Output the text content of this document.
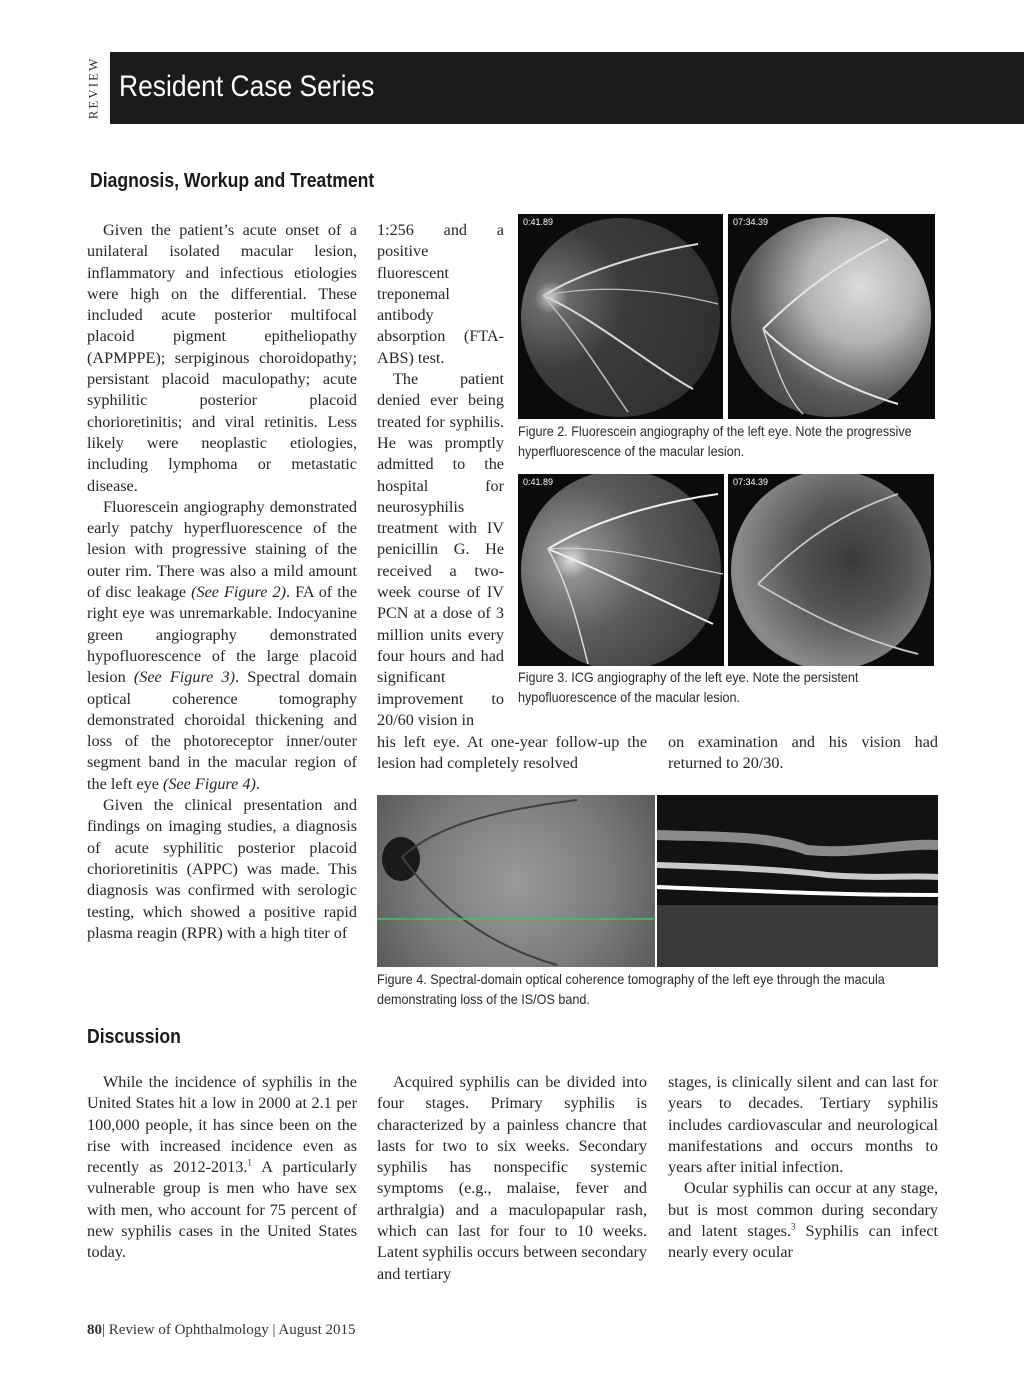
REVIEW Resident Case Series
Diagnosis, Workup and Treatment

Given the patient’s acute onset of a unilateral isolated macular lesion, inflammatory and infectious etiologies were high on the differential. These included acute posterior multifocal placoid pigment epitheliopathy (APMPPE); serpiginous choroidopathy; persistant placoid maculopathy; acute syphilitic posterior placoid chorioretinitis; and viral retinitis. Less likely were neoplastic etiologies, including lymphoma or metastatic disease.

Fluorescein angiography demonstrated early patchy hyperfluorescence of the lesion with progressive staining of the outer rim. There was also a mild amount of disc leakage (See Figure 2). FA of the right eye was unremarkable. Indocyanine green angiography demonstrated hypofluorescence of the large placoid lesion (See Figure 3). Spectral domain optical coherence tomography demonstrated choroidal thickening and loss of the photoreceptor inner/outer segment band in the macular region of the left eye (See Figure 4).

Given the clinical presentation and findings on imaging studies, a diagnosis of acute syphilitic posterior placoid chorioretinitis (APPC) was made. This diagnosis was confirmed with serologic testing, which showed a positive rapid plasma reagin (RPR) with a high titer of

1:256 and a positive fluorescent treponemal antibody absorption (FTA-ABS) test.

The patient denied ever being treated for syphilis. He was promptly admitted to the hospital for neurosyphilis treatment with IV penicillin G. He received a two-week course of IV PCN at a dose of 3 million units every four hours and had significant improvement to 20/60 vision in

his left eye. At one-year follow-up the lesion had completely resolved

on examination and his vision had returned to 20/30.

0:41.89	07:34.39
Figure 2. Fluorescein angiography of the left eye. Note the progressive hyperfluorescence of the macular lesion.
0:41.89	07:34.39
Figure 3. ICG angiography of the left eye. Note the persistent hypofluorescence of the macular lesion.
Figure 4. Spectral-domain optical coherence tomography of the left eye through the macula demonstrating loss of the IS/OS band.
Discussion

While the incidence of syphilis in the United States hit a low in 2000 at 2.1 per 100,000 people, it has since been on the rise with increased incidence even as recently as 2012-2013.$^1$ A particularly vulnerable group is men who have sex with men, who account for 75 percent of new syphilis cases in the United States today.

Acquired syphilis can be divided into four stages. Primary syphilis is characterized by a painless chancre that lasts for two to six weeks. Secondary syphilis has nonspecific systemic symptoms (e.g., malaise, fever and arthralgia) and a maculopapular rash, which can last for four to 10 weeks. Latent syphilis occurs between secondary and tertiary

stages, is clinically silent and can last for years to decades. Tertiary syphilis includes cardiovascular and neurological manifestations and occurs months to years after initial infection.

Ocular syphilis can occur at any stage, but is most common during secondary and latent stages.$^3$ Syphilis can infect nearly every ocular

80| Review of Ophthalmology | August 2015
